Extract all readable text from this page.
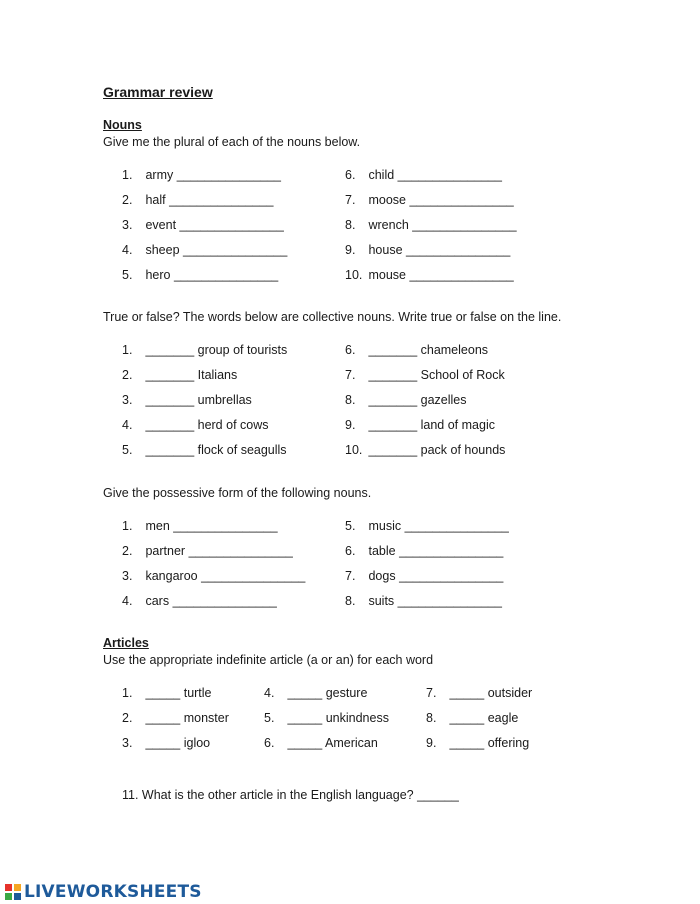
Grammar review
Nouns
Give me the plural of each of the nouns below.
1. army _______________
2. half _______________
3. event _______________
4. sheep _______________
5. hero _______________
6. child _______________
7. moose _______________
8. wrench _______________
9. house _______________
10. mouse _______________
True or false? The words below are collective nouns. Write true or false on the line.
1. _______ group of tourists
2. _______ Italians
3. _______ umbrellas
4. _______ herd of cows
5. _______ flock of seagulls
6. _______ chameleons
7. _______ School of Rock
8. _______ gazelles
9. _______ land of magic
10. _______ pack of hounds
Give the possessive form of the following nouns.
1. men _______________
2. partner _______________
3. kangaroo _______________
4. cars _______________
5. music _______________
6. table _______________
7. dogs _______________
8. suits _______________
Articles
Use the appropriate indefinite article (a or an) for each word
1. _____ turtle
2. _____ monster
3. _____ igloo
4. _____ gesture
5. _____ unkindness
6. _____ American
7. _____ outsider
8. _____ eagle
9. _____ offering
11. What is the other article in the English language? ______
LIVEWORKSHEETS
